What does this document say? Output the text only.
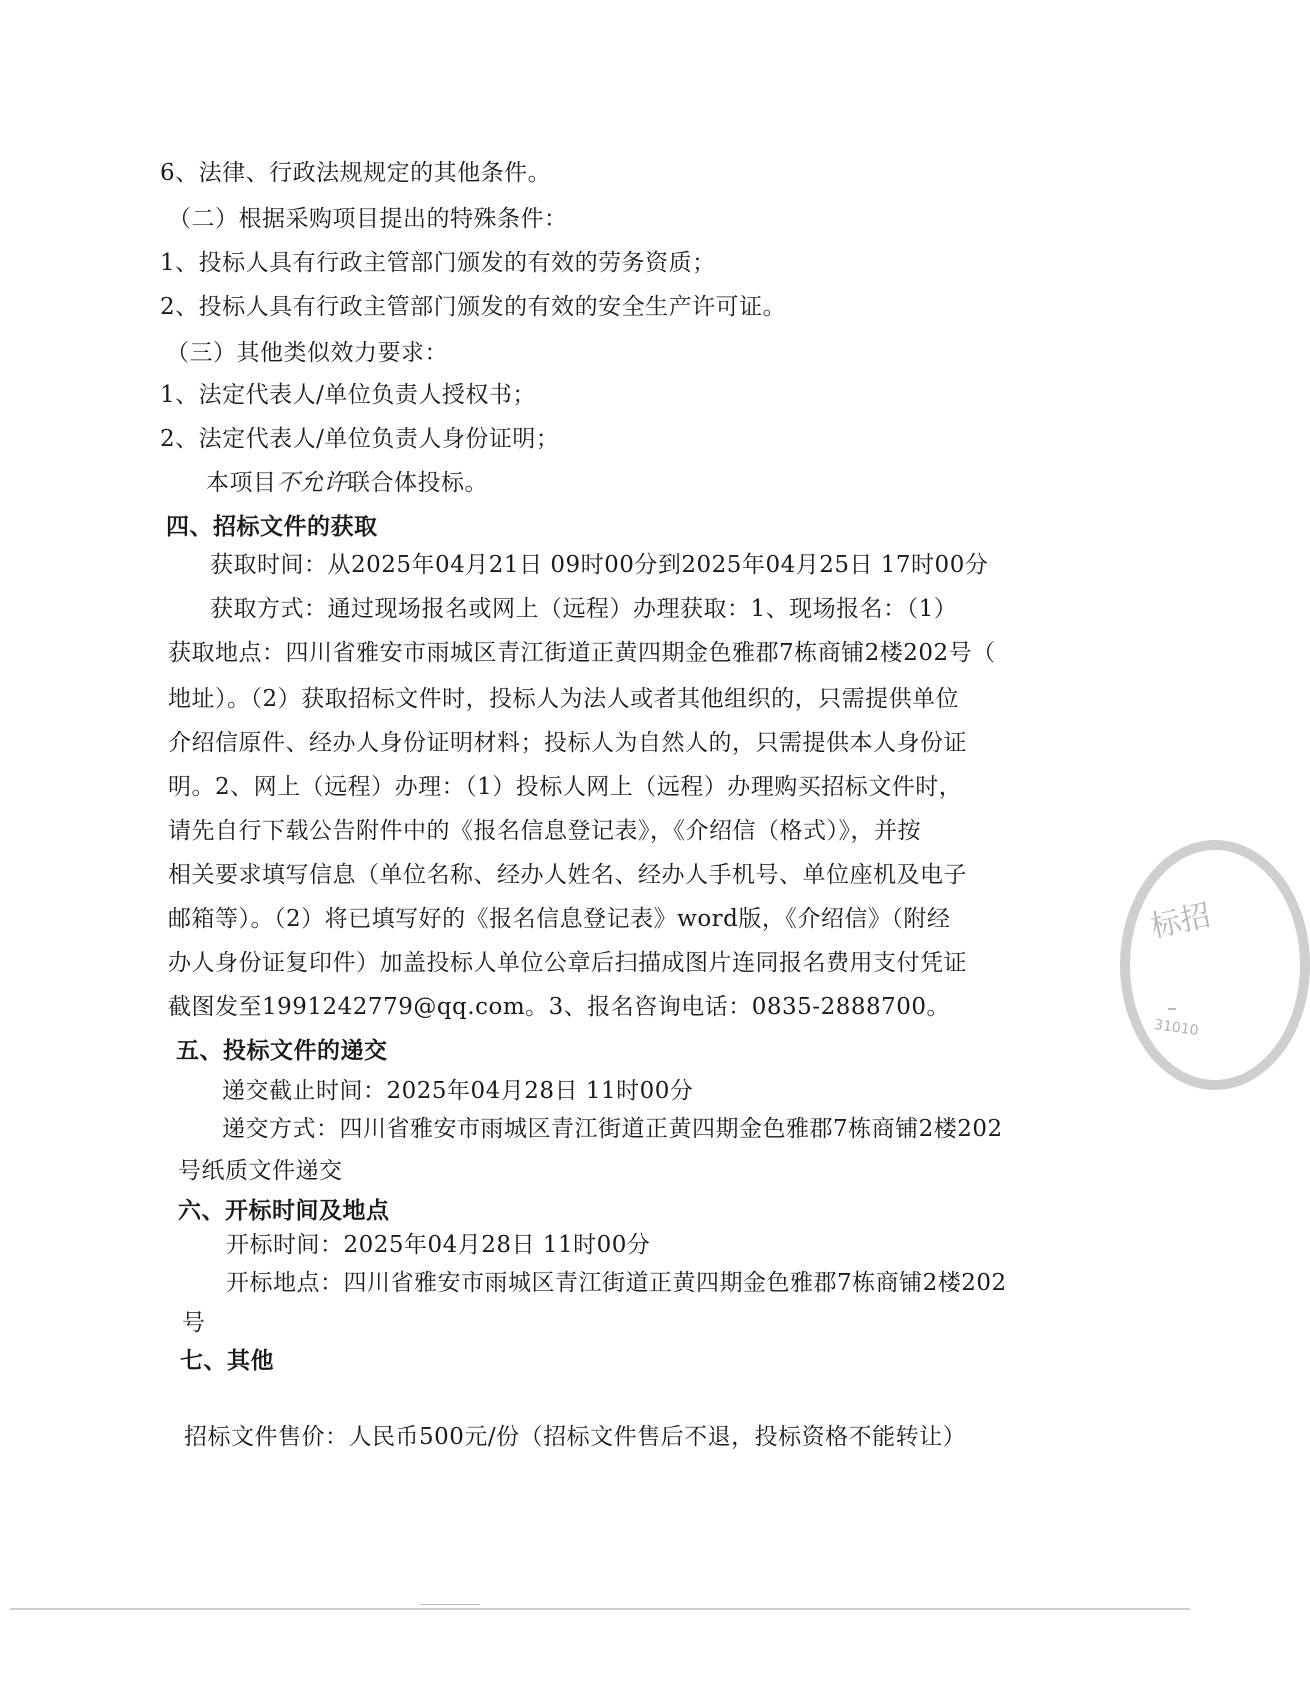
6、法律、行政法规规定的其他条件。
（二）根据采购项目提出的特殊条件：
1、投标人具有行政主管部门颁发的有效的劳务资质；
2、投标人具有行政主管部门颁发的有效的安全生产许可证。
（三）其他类似效力要求：
1、法定代表人/单位负责人授权书；
2、法定代表人/单位负责人身份证明；
本项目不允许联合体投标。
四、招标文件的获取
获取时间：从2025年04月21日 09时00分到2025年04月25日 17时00分
获取方式：通过现场报名或网上（远程）办理获取：1、现场报名：（1）
获取地点：四川省雅安市雨城区青江街道正黄四期金色雅郡7栋商铺2楼202号（
地址）。（2）获取招标文件时，投标人为法人或者其他组织的，只需提供单位
介绍信原件、经办人身份证明材料；投标人为自然人的，只需提供本人身份证
明。2、网上（远程）办理：（1）投标人网上（远程）办理购买招标文件时，
请先自行下载公告附件中的《报名信息登记表》，《介绍信（格式）》，并按
相关要求填写信息（单位名称、经办人姓名、经办人手机号、单位座机及电子
邮箱等）。（2）将已填写好的《报名信息登记表》word版，《介绍信》（附经
办人身份证复印件）加盖投标人单位公章后扫描成图片连同报名费用支付凭证
截图发至1991242779@qq.com。3、报名咨询电话：0835-2888700。
五、投标文件的递交
递交截止时间：2025年04月28日 11时00分
递交方式：四川省雅安市雨城区青江街道正黄四期金色雅郡7栋商铺2楼202
号纸质文件递交
六、开标时间及地点
开标时间：2025年04月28日 11时00分
开标地点：四川省雅安市雨城区青江街道正黄四期金色雅郡7栋商铺2楼202
号
七、其他
招标文件售价：人民币500元/份（招标文件售后不退，投标资格不能转让）
标招
31010
